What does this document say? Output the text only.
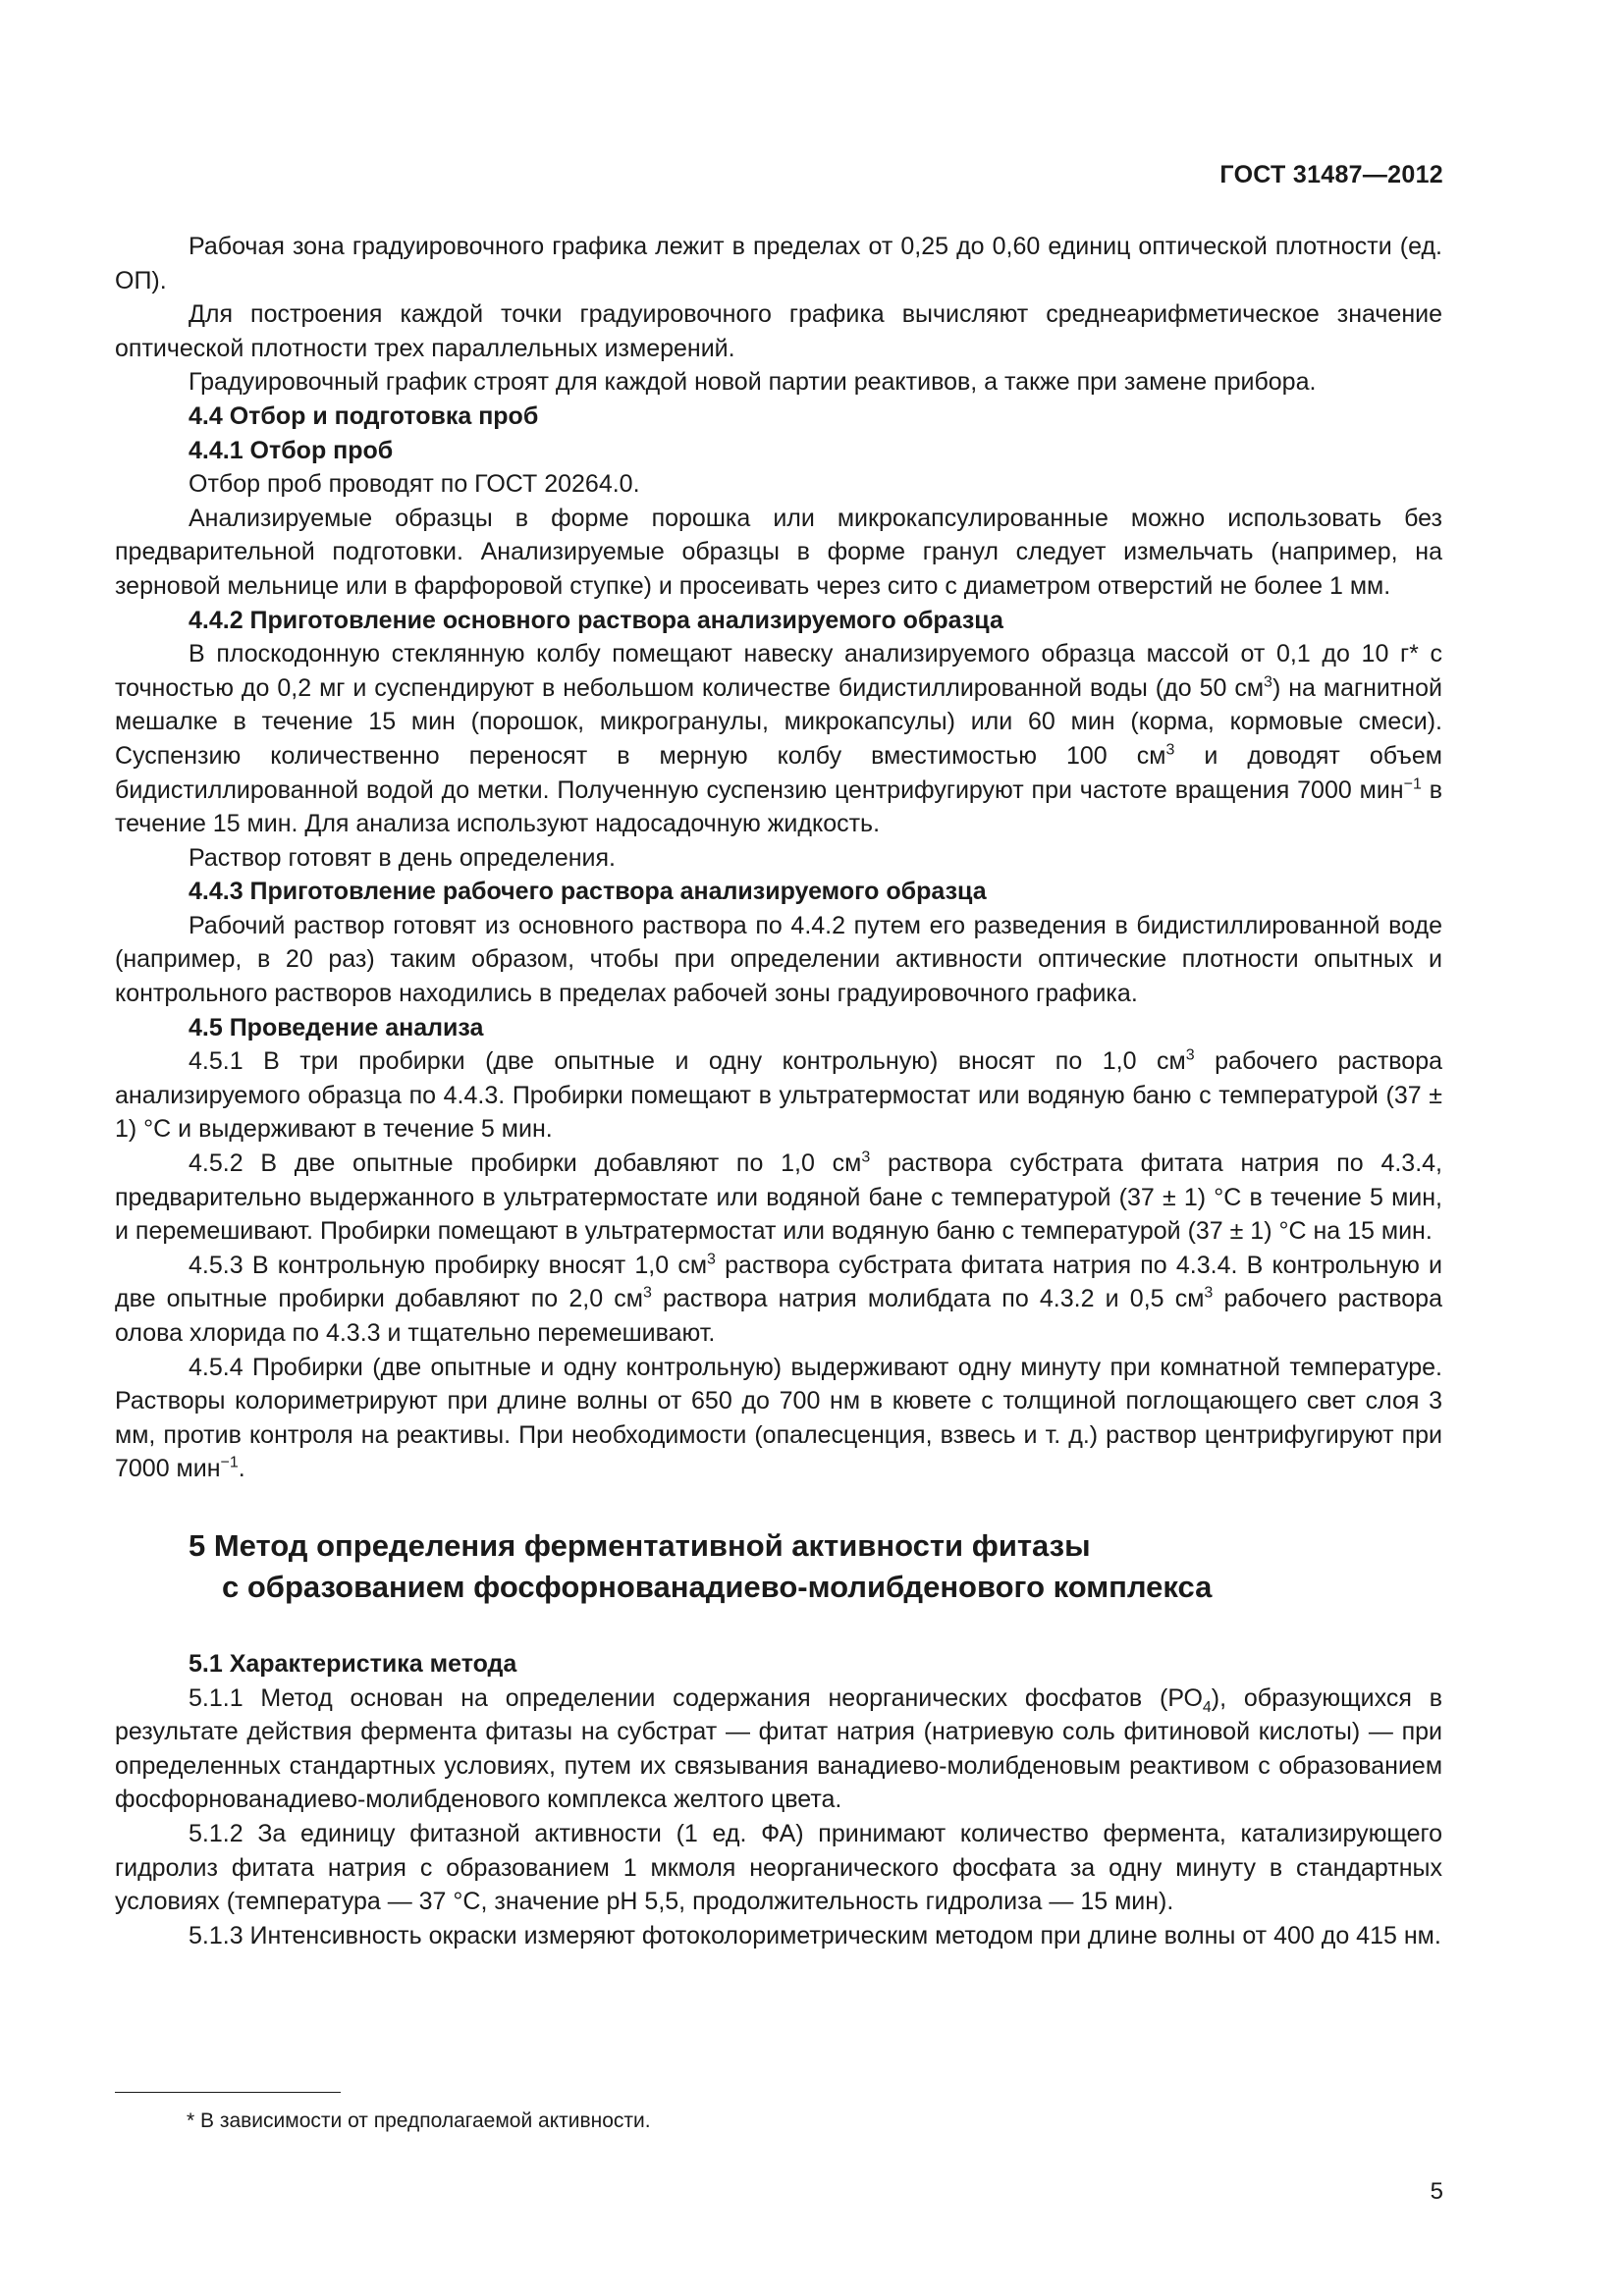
ГОСТ 31487—2012

Рабочая зона градуировочного графика лежит в пределах от 0,25 до 0,60 единиц оптической плотности (ед. ОП).

Для построения каждой точки градуировочного графика вычисляют среднеарифметическое значение оптической плотности трех параллельных измерений.

Градуировочный график строят для каждой новой партии реактивов, а также при замене прибора.

4.4 Отбор и подготовка проб

4.4.1 Отбор проб

Отбор проб проводят по ГОСТ 20264.0.

Анализируемые образцы в форме порошка или микрокапсулированные можно использовать без предварительной подготовки. Анализируемые образцы в форме гранул следует измельчать (например, на зерновой мельнице или в фарфоровой ступке) и просеивать через сито с диаметром отверстий не более 1 мм.

4.4.2 Приготовление основного раствора анализируемого образца

В плоскодонную стеклянную колбу помещают навеску анализируемого образца массой от 0,1 до 10 г* с точностью до 0,2 мг и суспендируют в небольшом количестве бидистиллированной воды (до 50 $см^3$) на магнитной мешалке в течение 15 мин (порошок, микрогранулы, микрокапсулы) или 60 мин (корма, кормовые смеси). Суспензию количественно переносят в мерную колбу вместимостью 100 $см^3$ и доводят объем бидистиллированной водой до метки. Полученную суспензию центрифугируют при частоте вращения 7000 мин$^{-1}$ в течение 15 мин. Для анализа используют надосадочную жидкость.

Раствор готовят в день определения.

4.4.3 Приготовление рабочего раствора анализируемого образца

Рабочий раствор готовят из основного раствора по 4.4.2 путем его разведения в бидистиллированной воде (например, в 20 раз) таким образом, чтобы при определении активности оптические плотности опытных и контрольного растворов находились в пределах рабочей зоны градуировочного графика.

4.5 Проведение анализа

4.5.1 В три пробирки (две опытные и одну контрольную) вносят по 1,0 $см^3$ рабочего раствора анализируемого образца по 4.4.3. Пробирки помещают в ультратермостат или водяную баню с температурой (37 ± 1) °С и выдерживают в течение 5 мин.

4.5.2 В две опытные пробирки добавляют по 1,0 $см^3$ раствора субстрата фитата натрия по 4.3.4, предварительно выдержанного в ультратермостате или водяной бане с температурой (37 ± 1) °С в течение 5 мин, и перемешивают. Пробирки помещают в ультратермостат или водяную баню с температурой (37 ± 1) °С на 15 мин.

4.5.3 В контрольную пробирку вносят 1,0 $см^3$ раствора субстрата фитата натрия по 4.3.4. В контрольную и две опытные пробирки добавляют по 2,0 $см^3$ раствора натрия молибдата по 4.3.2 и 0,5 $см^3$ рабочего раствора олова хлорида по 4.3.3 и тщательно перемешивают.

4.5.4 Пробирки (две опытные и одну контрольную) выдерживают одну минуту при комнатной температуре. Растворы колориметрируют при длине волны от 650 до 700 нм в кювете с толщиной поглощающего свет слоя 3 мм, против контроля на реактивы. При необходимости (опалесценция, взвесь и т. д.) раствор центрифугируют при 7000 мин$^{-1}$.

5 Метод определения ферментативной активности фитазы
с образованием фосфорнованадиево-молибденового комплекса

5.1 Характеристика метода

5.1.1 Метод основан на определении содержания неорганических фосфатов $(РО_4)$, образующихся в результате действия фермента фитазы на субстрат — фитат натрия (натриевую соль фитиновой кислоты) — при определенных стандартных условиях, путем их связывания ванадиево-молибденовым реактивом с образованием фосфорнованадиево-молибденового комплекса желтого цвета.

5.1.2 За единицу фитазной активности (1 ед. ФА) принимают количество фермента, катализирующего гидролиз фитата натрия с образованием 1 мкмоля неорганического фосфата за одну минуту в стандартных условиях (температура — 37 °С, значение рН 5,5, продолжительность гидролиза — 15 мин).

5.1.3 Интенсивность окраски измеряют фотоколориметрическим методом при длине волны от 400 до 415 нм.

* В зависимости от предполагаемой активности.
5
